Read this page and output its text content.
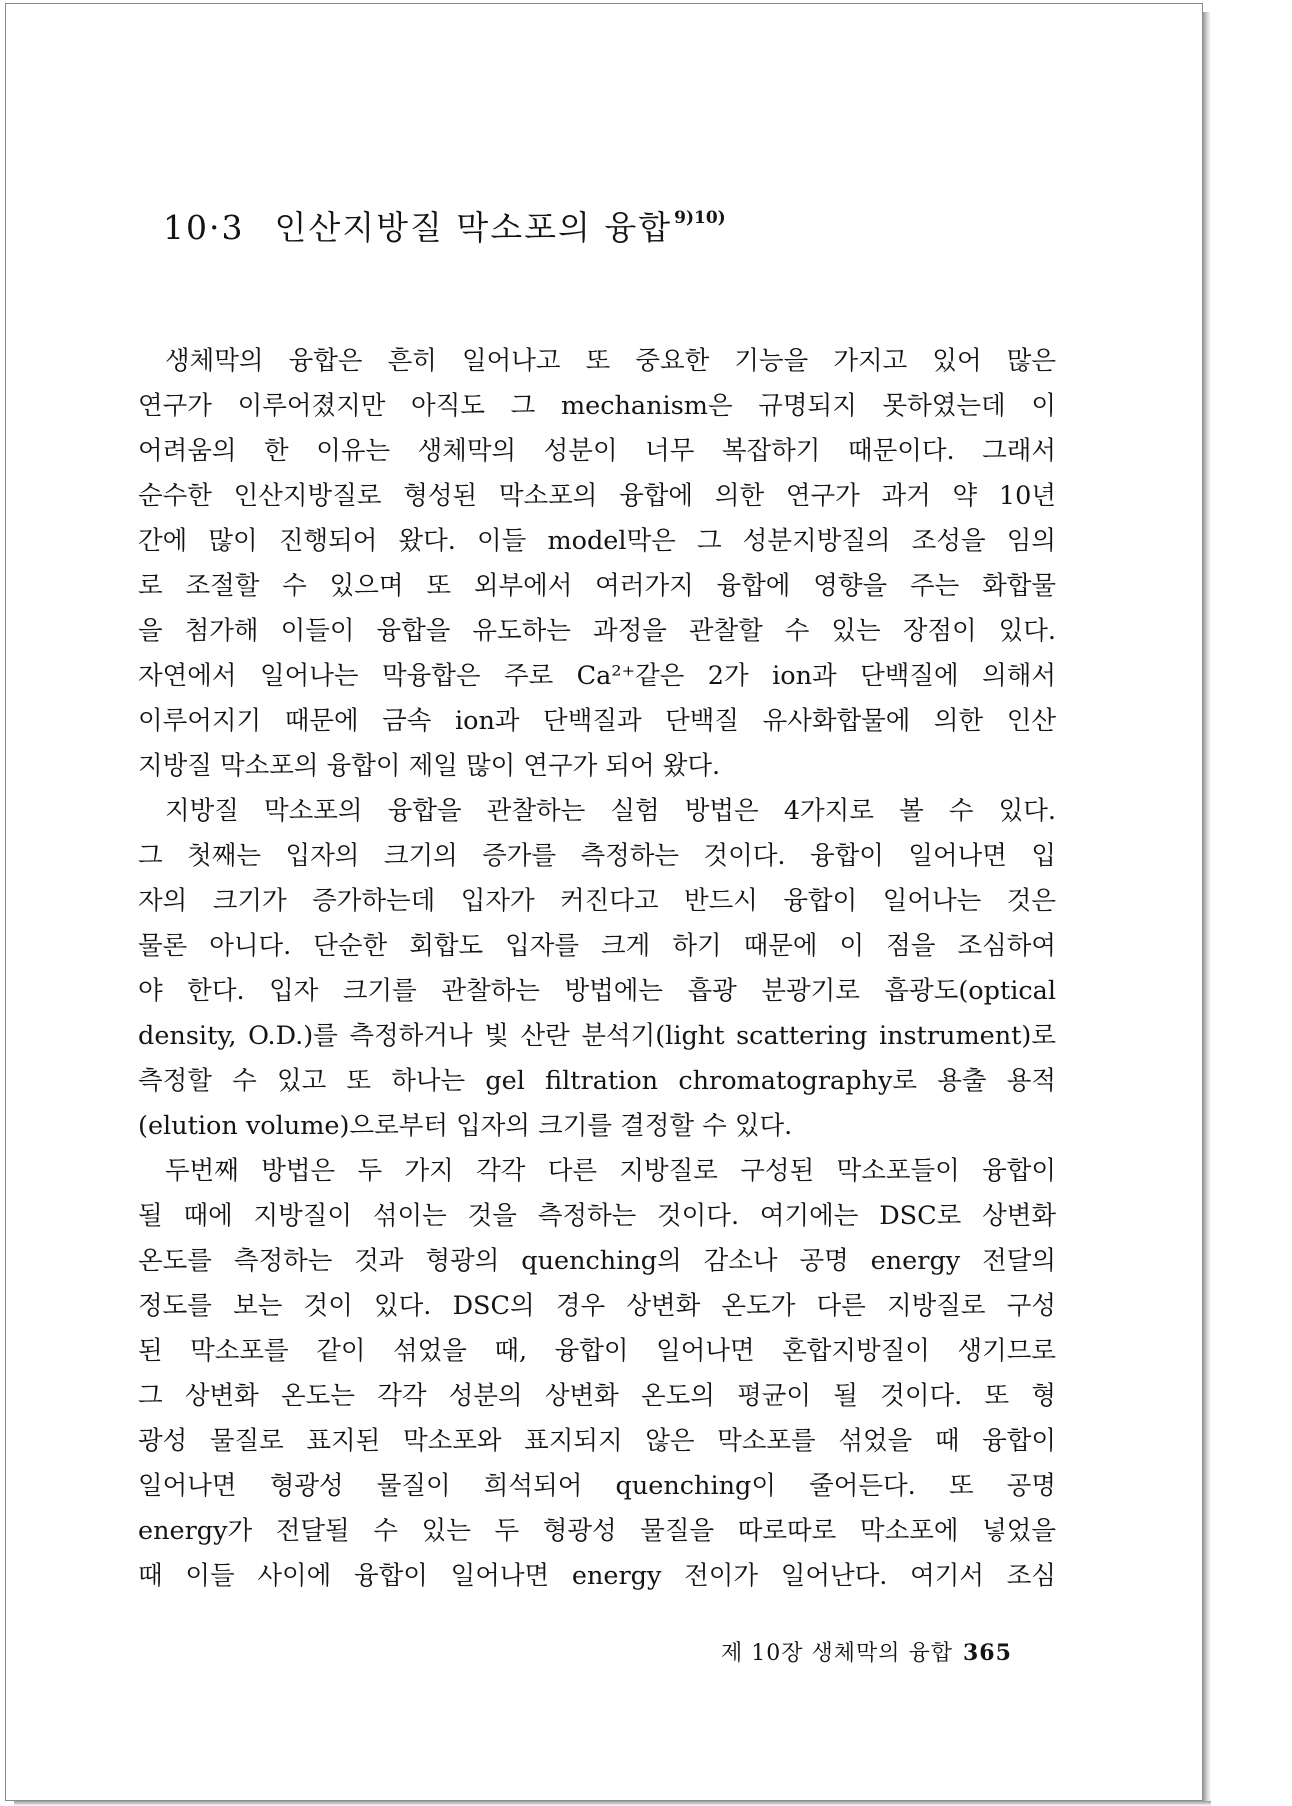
10·3 인산지방질 막소포의 융합 $^{9)10)}$
생체막의 융합은 흔히 일어나고 또 중요한 기능을 가지고 있어 많은
연구가 이루어졌지만 아직도 그 mechanism은 규명되지 못하였는데 이
어려움의 한 이유는 생체막의 성분이 너무 복잡하기 때문이다. 그래서
순수한 인산지방질로 형성된 막소포의 융합에 의한 연구가 과거 약 10년
간에 많이 진행되어 왔다. 이들 model막은 그 성분지방질의 조성을 임의
로 조절할 수 있으며 또 외부에서 여러가지 융합에 영향을 주는 화합물
을 첨가해 이들이 융합을 유도하는 과정을 관찰할 수 있는 장점이 있다.
자연에서 일어나는 막융합은 주로 Ca²⁺같은 2가 ion과 단백질에 의해서
이루어지기 때문에 금속 ion과 단백질과 단백질 유사화합물에 의한 인산
지방질 막소포의 융합이 제일 많이 연구가 되어 왔다.
지방질 막소포의 융합을 관찰하는 실험 방법은 4가지로 볼 수 있다.
그 첫째는 입자의 크기의 증가를 측정하는 것이다. 융합이 일어나면 입
자의 크기가 증가하는데 입자가 커진다고 반드시 융합이 일어나는 것은
물론 아니다. 단순한 회합도 입자를 크게 하기 때문에 이 점을 조심하여
야 한다. 입자 크기를 관찰하는 방법에는 흡광 분광기로 흡광도(optical
density, O.D.)를 측정하거나 빛 산란 분석기(light scattering instrument)로
측정할 수 있고 또 하나는 gel filtration chromatography로 용출 용적
(elution volume)으로부터 입자의 크기를 결정할 수 있다.
두번째 방법은 두 가지 각각 다른 지방질로 구성된 막소포들이 융합이
될 때에 지방질이 섞이는 것을 측정하는 것이다. 여기에는 DSC로 상변화
온도를 측정하는 것과 형광의 quenching의 감소나 공명 energy 전달의
정도를 보는 것이 있다. DSC의 경우 상변화 온도가 다른 지방질로 구성
된 막소포를 같이 섞었을 때, 융합이 일어나면 혼합지방질이 생기므로
그 상변화 온도는 각각 성분의 상변화 온도의 평균이 될 것이다. 또 형
광성 물질로 표지된 막소포와 표지되지 않은 막소포를 섞었을 때 융합이
일어나면 형광성 물질이 희석되어 quenching이 줄어든다. 또 공명
energy가 전달될 수 있는 두 형광성 물질을 따로따로 막소포에 넣었을
때 이들 사이에 융합이 일어나면 energy 전이가 일어난다. 여기서 조심
제 10장 생체막의 융합 365
